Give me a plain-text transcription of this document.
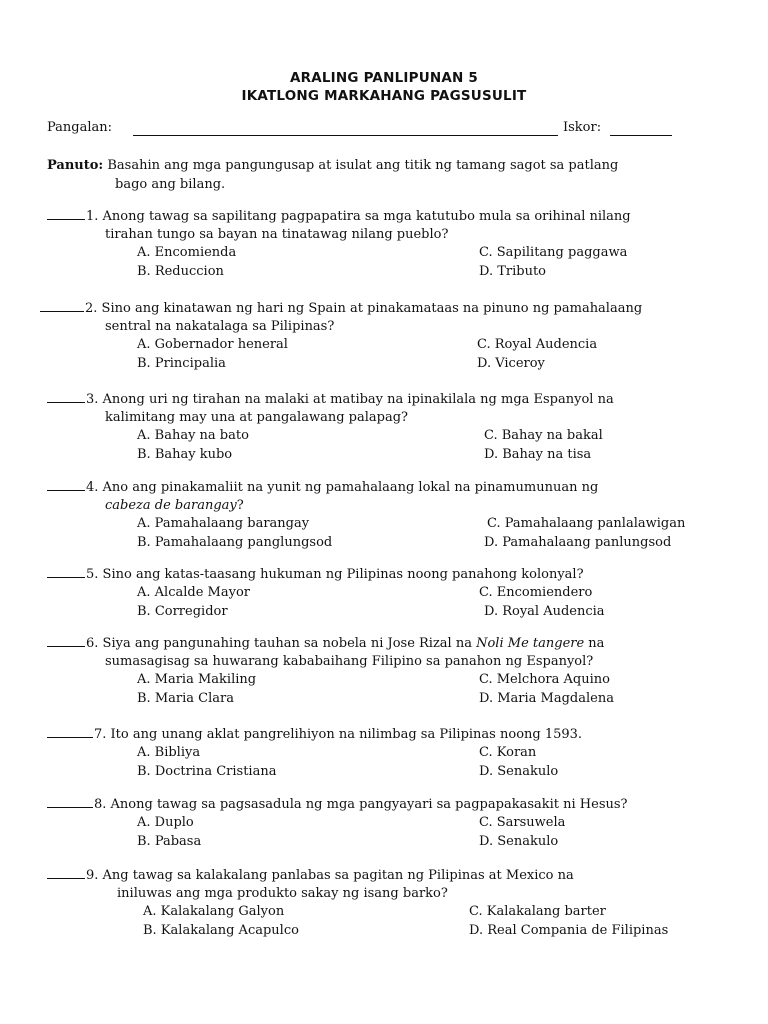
ARALING PANLIPUNAN 5
IKATLONG MARKAHANG PAGSUSULIT
Pangalan:	Iskor:
Panuto: Basahin ang mga pangungusap at isulat ang titik ng tamang sagot sa patlang
bago ang bilang.
1. Anong tawag sa sapilitang pagpapatira sa mga katutubo mula sa orihinal nilang
tirahan tungo sa bayan na tinatawag nilang pueblo?
A. Encomienda
B. Reduccion
C. Sapilitang paggawa
D. Tributo
2. Sino ang kinatawan ng hari ng Spain at pinakamataas na pinuno ng pamahalaang
sentral na nakatalaga sa Pilipinas?
A. Gobernador heneral
B. Principalia
C. Royal Audencia
D. Viceroy
3. Anong uri ng tirahan na malaki at matibay na ipinakilala ng mga Espanyol na
kalimitang may una at pangalawang palapag?
A. Bahay na bato
B. Bahay kubo
C. Bahay na bakal
D. Bahay na tisa
4. Ano ang pinakamaliit na yunit ng pamahalaang lokal na pinamumunuan ng
cabeza de barangay?
A. Pamahalaang barangay
B. Pamahalaang panglungsod
C. Pamahalaang panlalawigan
D. Pamahalaang panlungsod
5. Sino ang katas-taasang hukuman ng Pilipinas noong panahong kolonyal?
A. Alcalde Mayor
B. Corregidor
C. Encomiendero
D. Royal Audencia
6. Siya ang pangunahing tauhan sa nobela ni Jose Rizal na Noli Me tangere na
sumasagisag sa huwarang kababaihang Filipino sa panahon ng Espanyol?
A. Maria Makiling
B. Maria Clara
C. Melchora Aquino
D. Maria Magdalena
7. Ito ang unang aklat pangrelihiyon na nilimbag sa Pilipinas noong 1593.
A. Bibliya
B. Doctrina Cristiana
C. Koran
D. Senakulo
8. Anong tawag sa pagsasadula ng mga pangyayari sa pagpapakasakit ni Hesus?
A. Duplo
B. Pabasa
C. Sarsuwela
D. Senakulo
9. Ang tawag sa kalakalang panlabas sa pagitan ng Pilipinas at Mexico na
iniluwas ang mga produkto sakay ng isang barko?
A. Kalakalang Galyon
B. Kalakalang Acapulco
C. Kalakalang barter
D. Real Compania de Filipinas
